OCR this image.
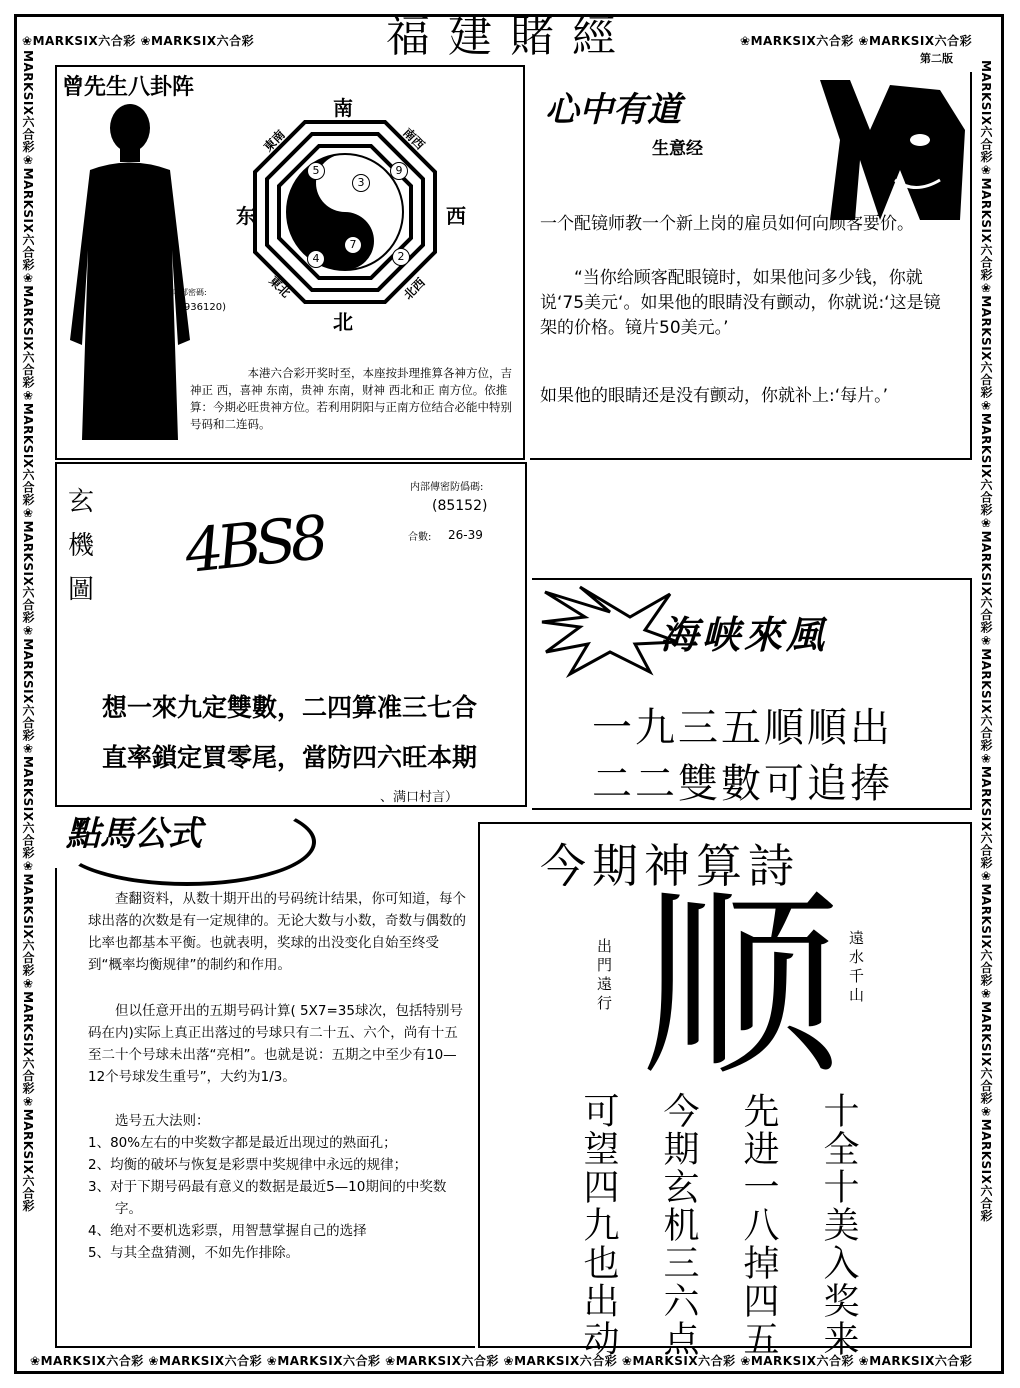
❀MARKSIX六合彩 ❀MARKSIX六合彩	福建賭經	❀MARKSIX六合彩 ❀MARKSIX六合彩
第二版
MARKSIX六合彩❀MARKSIX六合彩❀MARKSIX六合彩❀MARKSIX六合彩❀MARKSIX六合彩❀MARKSIX六合彩❀MARKSIX六合彩❀MARKSIX六合彩❀MARKSIX六合彩❀MARKSIX六合彩
MARKSIX六合彩❀MARKSIX六合彩❀MARKSIX六合彩❀MARKSIX六合彩❀MARKSIX六合彩❀MARKSIX六合彩❀MARKSIX六合彩❀MARKSIX六合彩❀MARKSIX六合彩❀MARKSIX六合彩
❀MARKSIX六合彩 ❀MARKSIX六合彩 ❀MARKSIX六合彩 ❀MARKSIX六合彩 ❀MARKSIX六合彩 ❀MARKSIX六合彩 ❀MARKSIX六合彩 ❀MARKSIX六合彩
曾先生八卦阵
内部密碼:
(936120)
南
北
东	西
東南	南西
東北	北西
5
3
9
4
7
2
本港六合彩开奖时至，本座按卦理推算各神方位，吉神正 西，喜神 东南，贵神 东南，财神 西北和正 南方位。依推算：今期必旺贵神方位。若利用阴阳与正南方位结合必能中特别号码和二连码。
心中有道
生意经
一个配镜师教一个新上岗的雇员如何向顾客要价。
“当你给顾客配眼镜时，如果他问多少钱，你就说‘75美元‘。如果他的眼睛没有颤动，你就说:‘这是镜架的价格。镜片50美元。’
如果他的眼睛还是没有颤动，你就补上:‘每片。’
玄
機
圖
4BS8
内部傳密防僞碼:
(85152)
合數: 26-39
想一來九定雙數，二四算准三七合
直率鎖定買零尾，當防四六旺本期
、满口村言）
海峡來風
一九三五順順出
二二雙數可追捧
點馬公式
查翻资料，从数十期开出的号码统计结果，你可知道，每个球出落的次数是有一定规律的。无论大数与小数，奇数与偶数的比率也都基本平衡。也就表明，奖球的出没变化自始至终受到“概率均衡规律”的制约和作用。
但以任意开出的五期号码计算( 5X7=35球次，包括特别号码在内)实际上真正出落过的号球只有二十五、六个，尚有十五至二十个号球未出落“亮相”。也就是说：五期之中至少有10—12个号球发生重号”，大约为1/3。
选号五大法则：
1、80%左右的中奖数字都是最近出现过的熟面孔；
2、均衡的破坏与恢复是彩票中奖规律中永远的规律；
3、对于下期号码最有意义的数据是最近5—10期间的中奖数字。
4、绝对不要机选彩票，用智慧掌握自己的选择
5、与其全盘猜测，不如先作排除。
今期神算詩
顺
出門遠行	遠水千山
十全十美入奖来
先进一八掉四五
今期玄机三六点
可望四九也出动
